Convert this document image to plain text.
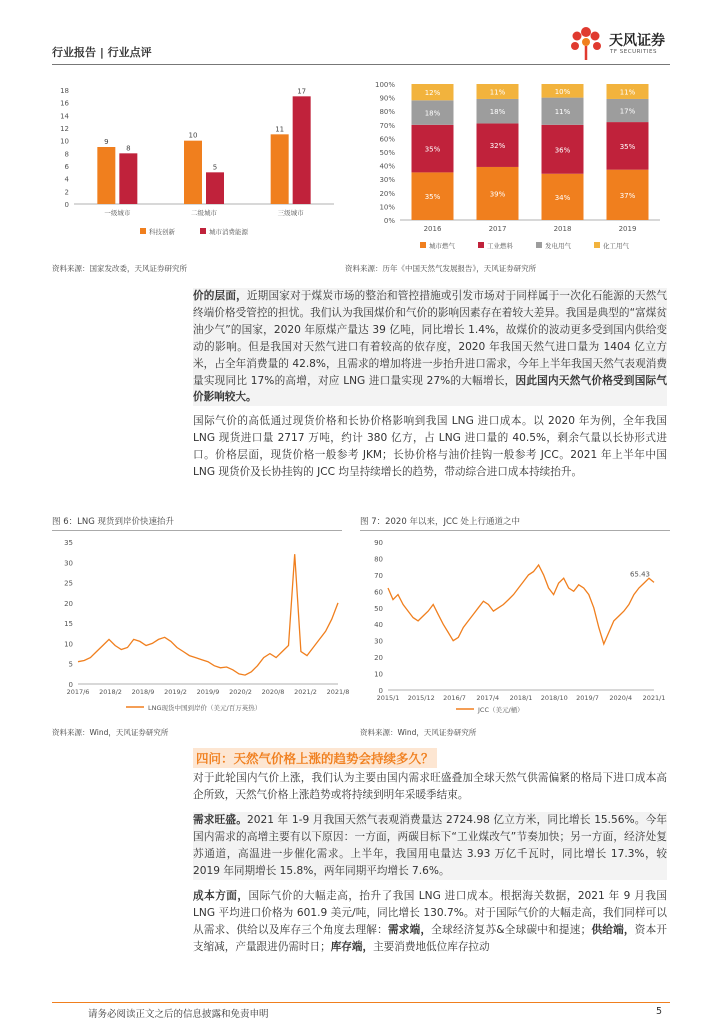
行业报告 | 行业点评
天风证券
TF SECURITIES
0
2
4
6
8
10
12
14
16
18
9
8
一级城市
10
5
二级城市
11
17
三级城市
科技创新	城市消费能源
资料来源：国家发改委，天风证券研究所
0%
10%
20%
30%
40%
50%
60%
70%
80%
90%
100%
35%
35%
18%
12%
2016
39%
32%
18%
11%
2017
34%
36%
11%
10%
2018
37%
35%
17%
11%
2019
城市燃气	工业燃料	发电用气	化工用气
资料来源：历年《中国天然气发展报告》，天风证券研究所
价的层面，近期国家对于煤炭市场的整治和管控措施或引发市场对于同样属于一次化石能源的天然气终端价格受管控的担忧。我们认为我国煤价和气价的影响因素存在着较大差异。我国是典型的“富煤贫油少气”的国家，2020 年原煤产量达 39 亿吨，同比增长 1.4%，故煤价的波动更多受到国内供给变动的影响。但是我国对天然气进口有着较高的依存度，2020 年我国天然气进口量为 1404 亿立方米，占全年消费量的 42.8%，且需求的增加将进一步抬升进口需求，今年上半年我国天然气表观消费量实现同比 17%的高增，对应 LNG 进口量实现 27%的大幅增长，因此国内天然气价格受到国际气价影响较大。
国际气价的高低通过现货价格和长协价格影响到我国 LNG 进口成本。以 2020 年为例，全年我国 LNG 现货进口量 2717 万吨，约计 380 亿方，占 LNG 进口量的 40.5%，剩余气量以长协形式进口。价格层面，现货价格一般参考 JKM；长协价格与油价挂钩一般参考 JCC。2021 年上半年中国 LNG 现货价及长协挂钩的 JCC 均呈持续增长的趋势，带动综合进口成本持续抬升。
图 6：LNG 现货到岸价快速抬升	图 7：2020 年以来，JCC 处上行通道之中
0
5
10
15
20
25
30
35
2017/6 2018/2 2018/9 2019/2 2019/9 2020/2 2020/8 2021/2 2021/8
LNG现货中国到岸价（美元/百万英热）
资料来源：Wind，天风证券研究所
0
10
20
30
40
50
60
70
80
90
2015/1 2015/12 2016/7 2017/4 2018/1 2018/10 2019/7 2020/4 2021/1
JCC（美元/桶）
65.43
资料来源：Wind，天风证券研究所
四问：天然气价格上涨的趋势会持续多久？
对于此轮国内气价上涨，我们认为主要由国内需求旺盛叠加全球天然气供需偏紧的格局下进口成本高企所致，天然气价格上涨趋势或将持续到明年采暖季结束。
需求旺盛。2021 年 1-9 月我国天然气表观消费量达 2724.98 亿立方米，同比增长 15.56%。今年国内需求的高增主要有以下原因：一方面，两碳目标下“工业煤改气”节奏加快；另一方面，经济处复苏通道，高温进一步催化需求。上半年，我国用电量达 3.93 万亿千瓦时，同比增长 17.3%，较 2019 年同期增长 15.8%，两年同期平均增长 7.6%。
成本方面，国际气价的大幅走高，抬升了我国 LNG 进口成本。根据海关数据，2021 年 9 月我国 LNG 平均进口价格为 601.9 美元/吨，同比增长 130.7%。对于国际气价的大幅走高，我们同样可以从需求、供给以及库存三个角度去理解：需求端，全球经济复苏&全球碳中和提速；供给端，资本开支缩减，产量跟进仍需时日；库存端，主要消费地低位库存拉动
请务必阅读正文之后的信息披露和免责申明	5
